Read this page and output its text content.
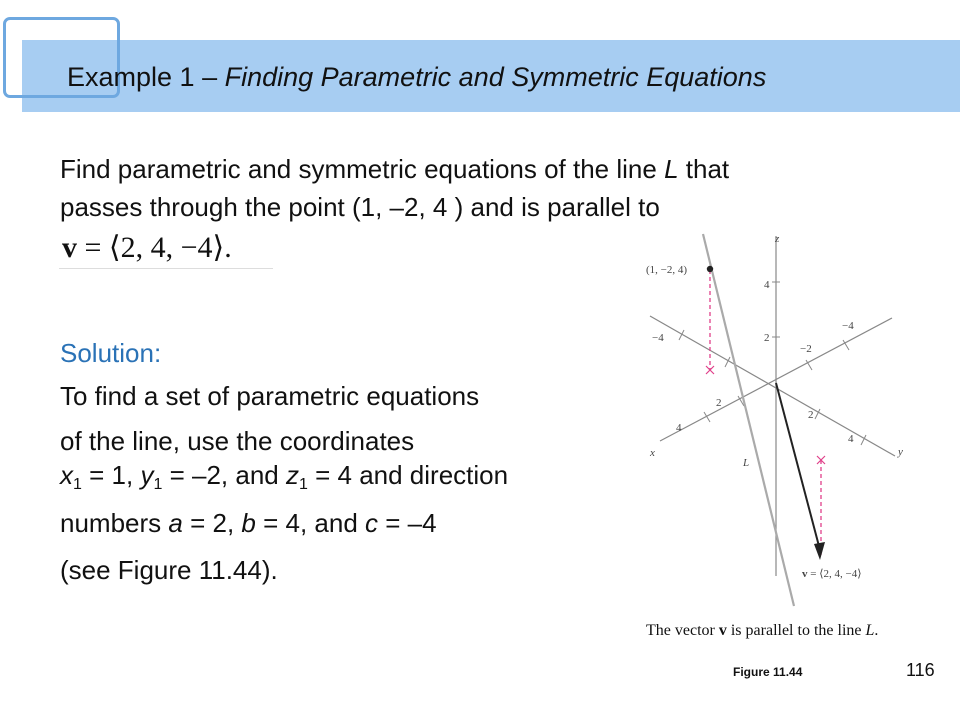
Example 1 – Finding Parametric and Symmetric Equations
Find parametric and symmetric equations of the line L that
passes through the point (1, –2, 4 ) and is parallel to
v = ⟨2, 4, −4⟩.
Solution:
To find a set of parametric equations
of the line, use the coordinates
$x_1 = 1$, $y_1 = -2$, and $z_1 = 4$ and direction
numbers a = 2, b = 4, and c = –4
(see Figure 11.44).
(1, −2, 4)
z
x	y
L
4
2
−4
2
4
−4
−2
2
4
v = ⟨2, 4, −4⟩
The vector v is parallel to the line L.
Figure 11.44	116
